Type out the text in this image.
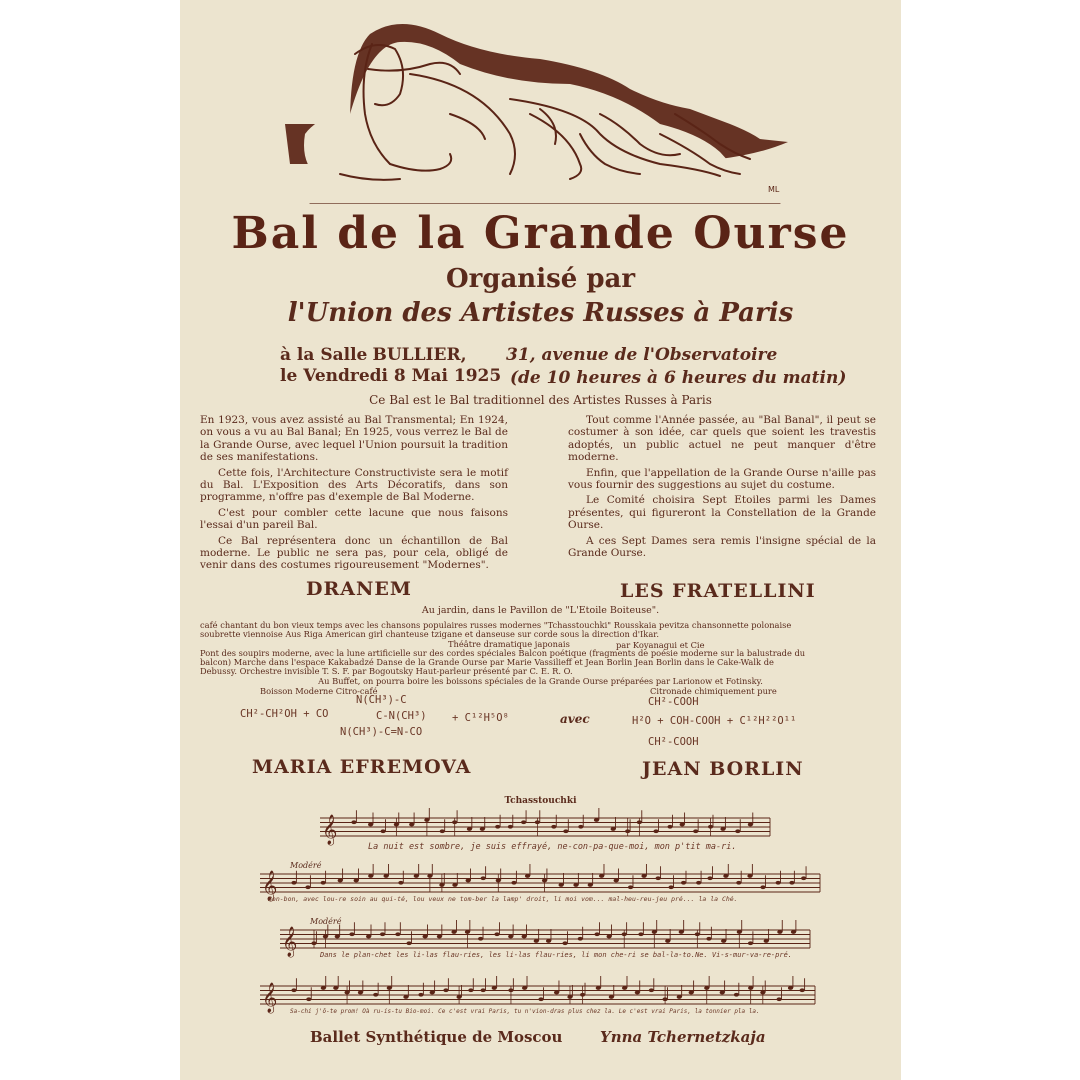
ML
Bal de la Grande Ourse
Organisé par
l'Union des Artistes Russes à Paris
à la Salle BULLIER, 31, avenue de l'Observatoire
le Vendredi 8 Mai 1925 (de 10 heures à 6 heures du matin)
Ce Bal est le Bal traditionnel des Artistes Russes à Paris

En 1923, vous avez assisté au Bal Transmental; En 1924, on vous a vu au Bal Banal; En 1925, vous verrez le Bal de la Grande Ourse, avec lequel l'Union poursuit la tradition de ses manifestations.

Cette fois, l'Architecture Constructiviste sera le motif du Bal. L'Exposition des Arts Décoratifs, dans son programme, n'offre pas d'exemple de Bal Moderne.

C'est pour combler cette lacune que nous faisons l'essai d'un pareil Bal.

Ce Bal représentera donc un échantillon de Bal moderne. Le public ne sera pas, pour cela, obligé de venir dans des costumes rigoureusement "Modernes".

Tout comme l'Année passée, au "Bal Banal", il peut se costumer à son idée, car quels que soient les travestis adoptés, un public actuel ne peut manquer d'être moderne.

Enfin, que l'appellation de la Grande Ourse n'aille pas vous fournir des suggestions au sujet du costume.

Le Comité choisira Sept Etoiles parmi les Dames présentes, qui figureront la Constellation de la Grande Ourse.

A ces Sept Dames sera remis l'insigne spécial de la Grande Ourse.

DRANEM	LES FRATELLINI
Au jardin, dans le Pavillon de "L'Etoile Boiteuse".
café chantant du bon vieux temps avec les chansons populaires russes modernes "Tchasstouchki" Rousskaia pevitza chansonnette polonaise
soubrette viennoise Aus Riga American girl chanteuse tzigane et danseuse sur corde sous la direction d'Ikar.
Théâtre dramatique japonais	par Koyanagui et Cie
Pont des soupirs moderne, avec la lune artificielle sur des cordes spéciales Balcon poétique (fragments de poésie moderne sur la balustrade du
balcon) Marche dans l'espace Kakabadzé Danse de la Grande Ourse par Marie Vassilieff et Jean Borlin Jean Borlin dans le Cake-Walk de
Debussy. Orchestre invisible T. S. F. par Bogoutsky Haut-parleur présenté par C. E. R. O.
Au Buffet, on pourra boire les boissons spéciales de la Grande Ourse préparées par Larionow et Fotinsky.
Boisson Moderne Citro-café	Citronade chimiquement pure
CH²-CH²OH + CO
N(CH³)-C
C-N(CH³)
N(CH³)-C=N-CO
+ C¹²H⁵O⁸	avec
CH²-COOH
H²O + COH-COOH + C¹²H²²O¹¹
CH²-COOH
MARIA EFREMOVA	JEAN BORLIN
Tchasstouchki
𝄞
𝄞
𝄞
𝄞
Modéré
Modéré
La nuit est sombre, je suis effrayé, ne-con-pa-que-moi, mon p'tit ma-ri.
Bon-bon, avec lou-re soin au qui-té, lou veux ne tom-ber la lamp' droit, li moi vom... mal-heu-reu-jeu pré... la la Ché.
Dans le plan-chet les li-las flau-ries, les li-las flau-ries, li mon che-ri se bal-la-to.Ne. Vi-s-mur-va-re-pré.
Sa-chi j'ô-te prom! Oà ru-is-tu Bio-moi. Ce c'est vrai Paris, tu n'vion-dras plus chez la. Le c'est vrai Paris, la tonnier pla la.
Ballet Synthétique de Moscou	Ynna Tchernetzkaja
